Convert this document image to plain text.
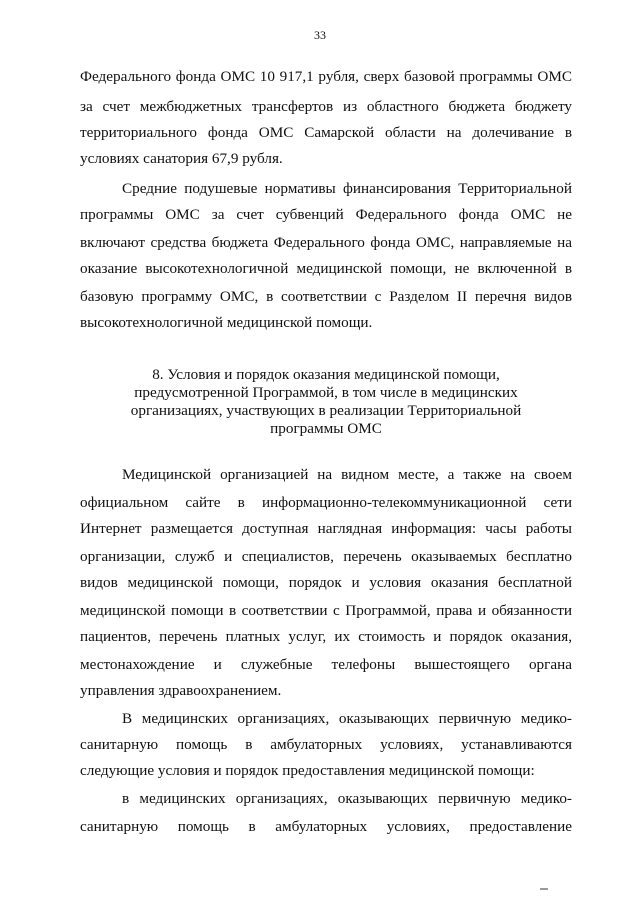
33
Федерального фонда ОМС 10 917,1 рубля, сверх базовой программы ОМС
за счет межбюджетных трансфертов из областного бюджета бюджету
территориального фонда ОМС Самарской области на долечивание в
условиях санатория 67,9 рубля.
Средние подушевые нормативы финансирования Территориальной
программы ОМС за счет субвенций Федерального фонда ОМС не
включают средства бюджета Федерального фонда ОМС, направляемые на
оказание высокотехнологичной медицинской помощи, не включенной в
базовую программу ОМС, в соответствии с Разделом II перечня видов
высокотехнологичной медицинской помощи.
8. Условия и порядок оказания медицинской помощи,
предусмотренной Программой, в том числе в медицинских
организациях, участвующих в реализации Территориальной
программы ОМС
Медицинской организацией на видном месте, а также на своем
официальном сайте в информационно-телекоммуникационной сети
Интернет размещается доступная наглядная информация: часы работы
организации, служб и специалистов, перечень оказываемых бесплатно
видов медицинской помощи, порядок и условия оказания бесплатной
медицинской помощи в соответствии с Программой, права и обязанности
пациентов, перечень платных услуг, их стоимость и порядок оказания,
местонахождение и служебные телефоны вышестоящего органа
управления здравоохранением.
В медицинских организациях, оказывающих первичную медико-
санитарную помощь в амбулаторных условиях, устанавливаются
следующие условия и порядок предоставления медицинской помощи:
в медицинских организациях, оказывающих первичную медико-
санитарную помощь в амбулаторных условиях, предоставление
